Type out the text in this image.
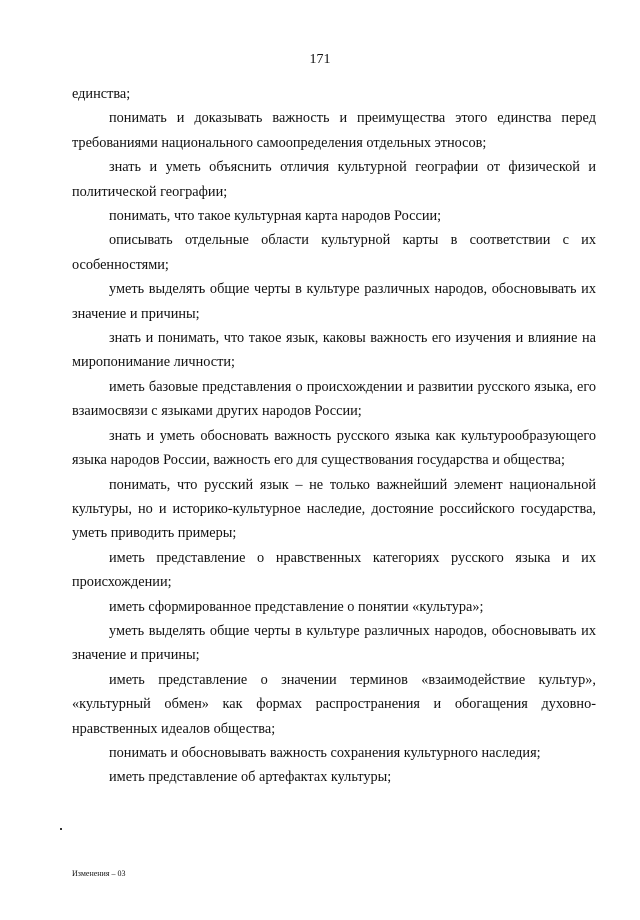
171

единства;

понимать и доказывать важность и преимущества этого единства перед требованиями национального самоопределения отдельных этносов;

знать и уметь объяснить отличия культурной географии от физической и политической географии;

понимать, что такое культурная карта народов России;

описывать отдельные области культурной карты в соответствии с их особенностями;

уметь выделять общие черты в культуре различных народов, обосновывать их значение и причины;

знать и понимать, что такое язык, каковы важность его изучения и влияние на миропонимание личности;

иметь базовые представления о происхождении и развитии русского языка, его взаимосвязи с языками других народов России;

знать и уметь обосновать важность русского языка как культурообразующего языка народов России, важность его для существования государства и общества;

понимать, что русский язык – не только важнейший элемент национальной культуры, но и историко-культурное наследие, достояние российского государства, уметь приводить примеры;

иметь представление о нравственных категориях русского языка и их происхождении;

иметь сформированное представление о понятии «культура»;

уметь выделять общие черты в культуре различных народов, обосновывать их значение и причины;

иметь представление о значении терминов «взаимодействие культур», «культурный обмен» как формах распространения и обогащения духовно-нравственных идеалов общества;

понимать и обосновывать важность сохранения культурного наследия;

иметь представление об артефактах культуры;

Изменения – 03
